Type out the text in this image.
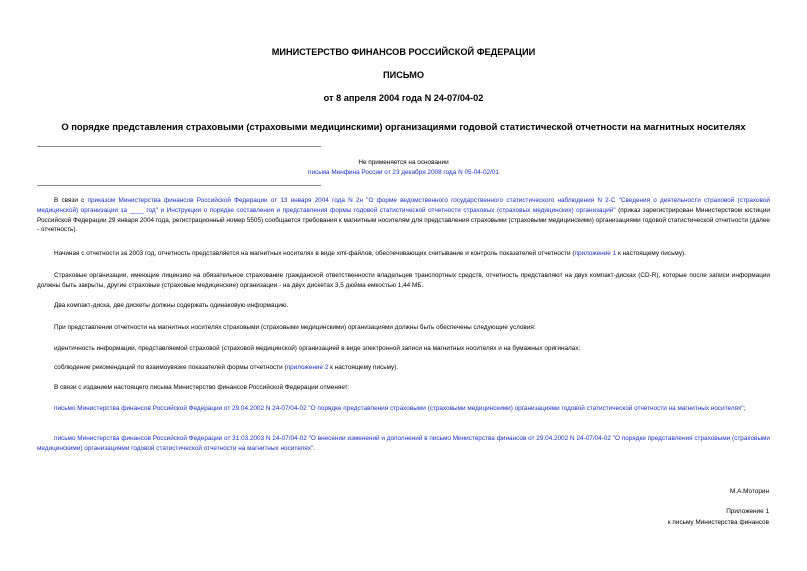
МИНИСТЕРСТВО ФИНАНСОВ РОССИЙСКОЙ ФЕДЕРАЦИИ
ПИСЬМО
от 8 апреля 2004 года N 24-07/04-02
О порядке представления страховыми (страховыми медицинскими) организациями годовой статистической отчетности на магнитных носителях
Не применяется на основании
письма Минфина России от 23 декабря 2008 года N 05-04-02/01
В связи с приказом Министерства финансов Российской Федерации от 13 января 2004 года N 2н "О форме ведомственного государственного статистического наблюдения N 2-С "Сведения о деятельности страховой (страховой медицинской) организации за ____ год" и Инструкции о порядке составления и представления формы годовой статистической отчетности страховых (страховых медицинских) организаций" (приказ зарегистрирован Министерством юстиции Российской Федерации 29 января 2004 года, регистрационный номер 5505) сообщается требования к магнитным носителям для представления страховыми (страховыми медицинскими) организациями годовой статистической отчетности (далее - отчетность).
Начиная с отчетности за 2003 год, отчетность представляется на магнитных носителях в виде xml-файлов, обеспечивающих считывание и контроль показателей отчетности (приложение 1 к настоящему письму).
Страховые организации, имеющие лицензию на обязательное страхование гражданской ответственности владельцев транспортных средств, отчетность представляют на двух компакт-дисках (CD-R), которые после записи информации должны быть закрыты, другие страховые (страховые медицинские) организации - на двух дискетах 3,5 дюйма емкостью 1,44 МБ.
Два компакт-диска, две дискеты должны содержать одинаковую информацию.
При представлении отчетности на магнитных носителях страховыми (страховыми медицинскими) организациями должны быть обеспечены следующие условия:
идентичность информации, представляемой страховой (страховой медицинской) организацией в виде электронной записи на магнитных носителях и на бумажных оригиналах;
соблюдение рекомендаций по взаимоувязке показателей формы отчетности (приложение 2 к настоящему письму).
В связи с изданием настоящего письма Министерство финансов Российской Федерации отменяет:
письмо Министерства финансов Российской Федерации от 29.04.2002 N 24-07/04-02 "О порядке представления страховыми (страховыми медицинскими) организациями годовой статистической отчетности на магнитных носителях";
письмо Министерства финансов Российской Федерации от 31.03.2003 N 24-07/04-02 "О внесении изменений и дополнений в письмо Министерства финансов от 29.04.2002 N 24-07/04-02 "О порядке представления страховыми (страховыми медицинскими) организациями годовой статистической отчетности на магнитных носителях".
М.А.Моторин
Приложение 1
к письму Министерства финансов
